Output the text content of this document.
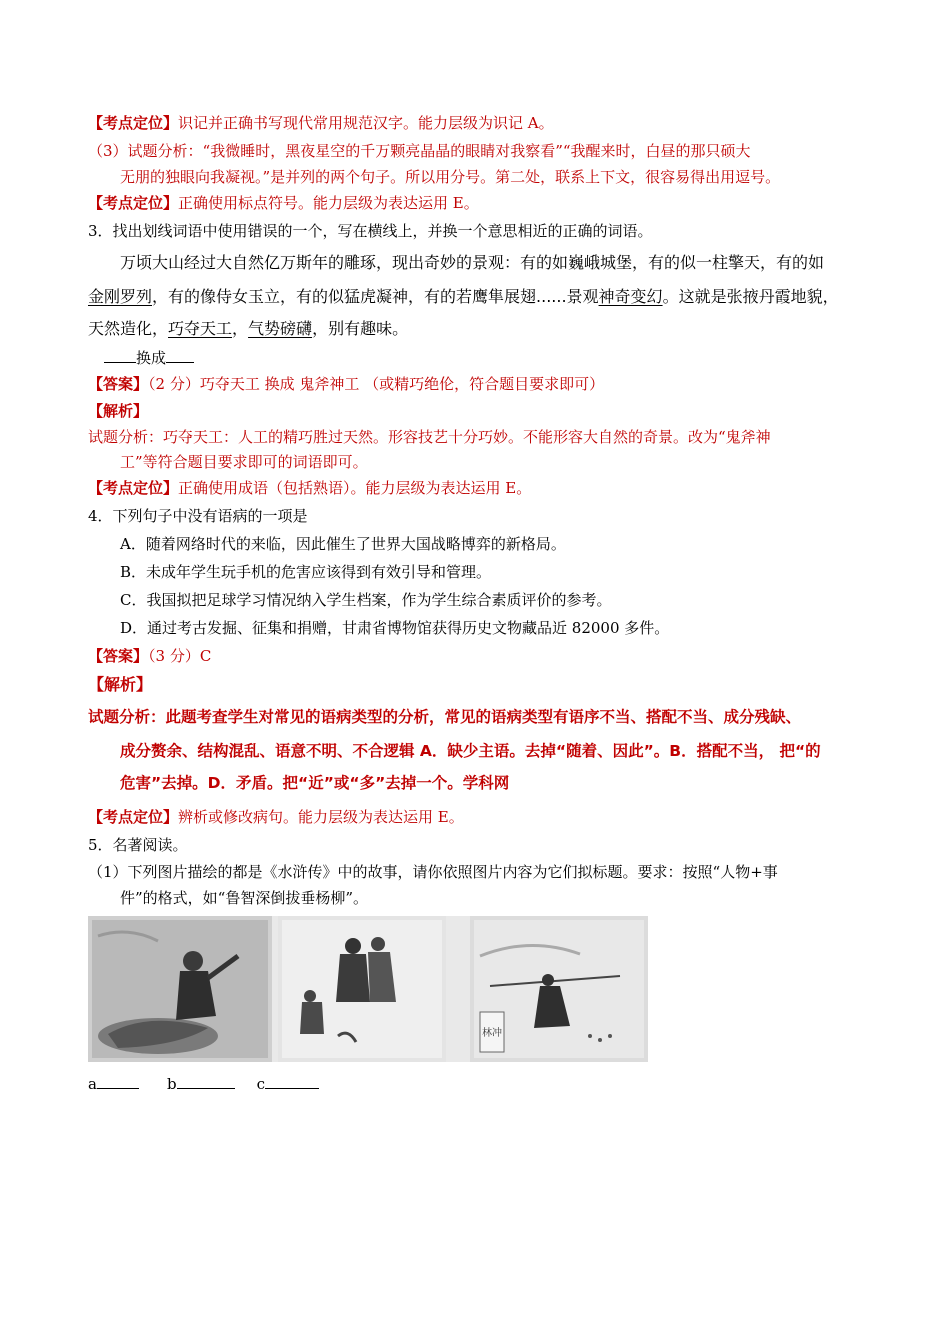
【考点定位】识记并正确书写现代常用规范汉字。能力层级为识记 A。
（3）试题分析：“我微睡时，黑夜星空的千万颗亮晶晶的眼睛对我察看”“我醒来时，白昼的那只硕大
无朋的独眼向我凝视。”是并列的两个句子。所以用分号。第二处，联系上下文，很容易得出用逗号。
【考点定位】正确使用标点符号。能力层级为表达运用 E。
3．找出划线词语中使用错误的一个，写在横线上，并换一个意思相近的正确的词语。
万顷大山经过大自然亿万斯年的雕琢，现出奇妙的景观：有的如巍峨城堡，有的似一柱擎天，有的如
金刚罗列，有的像侍女玉立，有的似猛虎凝神，有的若鹰隼展翅......景观神奇变幻。这就是张掖丹霞地貌，
天然造化，巧夺天工，气势磅礴，别有趣味。
换成
【答案】（2 分）巧夺天工 换成 鬼斧神工 （或精巧绝伦，符合题目要求即可）
【解析】
试题分析：巧夺天工：人工的精巧胜过天然。形容技艺十分巧妙。不能形容大自然的奇景。改为“鬼斧神
工”等符合题目要求即可的词语即可。
【考点定位】正确使用成语（包括熟语）。能力层级为表达运用 E。
4．下列句子中没有语病的一项是
A．随着网络时代的来临，因此催生了世界大国战略博弈的新格局。
B．未成年学生玩手机的危害应该得到有效引导和管理。
C．我国拟把足球学习情况纳入学生档案，作为学生综合素质评价的参考。
D．通过考古发掘、征集和捐赠，甘肃省博物馆获得历史文物藏品近 82000 多件。
【答案】（3 分）C
【解析】
试题分析：此题考查学生对常见的语病类型的分析，常见的语病类型有语序不当、搭配不当、成分残缺、
成分赘余、结构混乱、语意不明、不合逻辑 A．缺少主语。去掉“随着、因此”。B．搭配不当， 把“的
危害”去掉。D．矛盾。把“近”或“多”去掉一个。学科网
【考点定位】辨析或修改病句。能力层级为表达运用 E。
5．名著阅读。
（1）下列图片描绘的都是《水浒传》中的故事，请你依照图片内容为它们拟标题。要求：按照“人物+事
件”的格式，如“鲁智深倒拔垂杨柳”。
林冲
a	b	c
